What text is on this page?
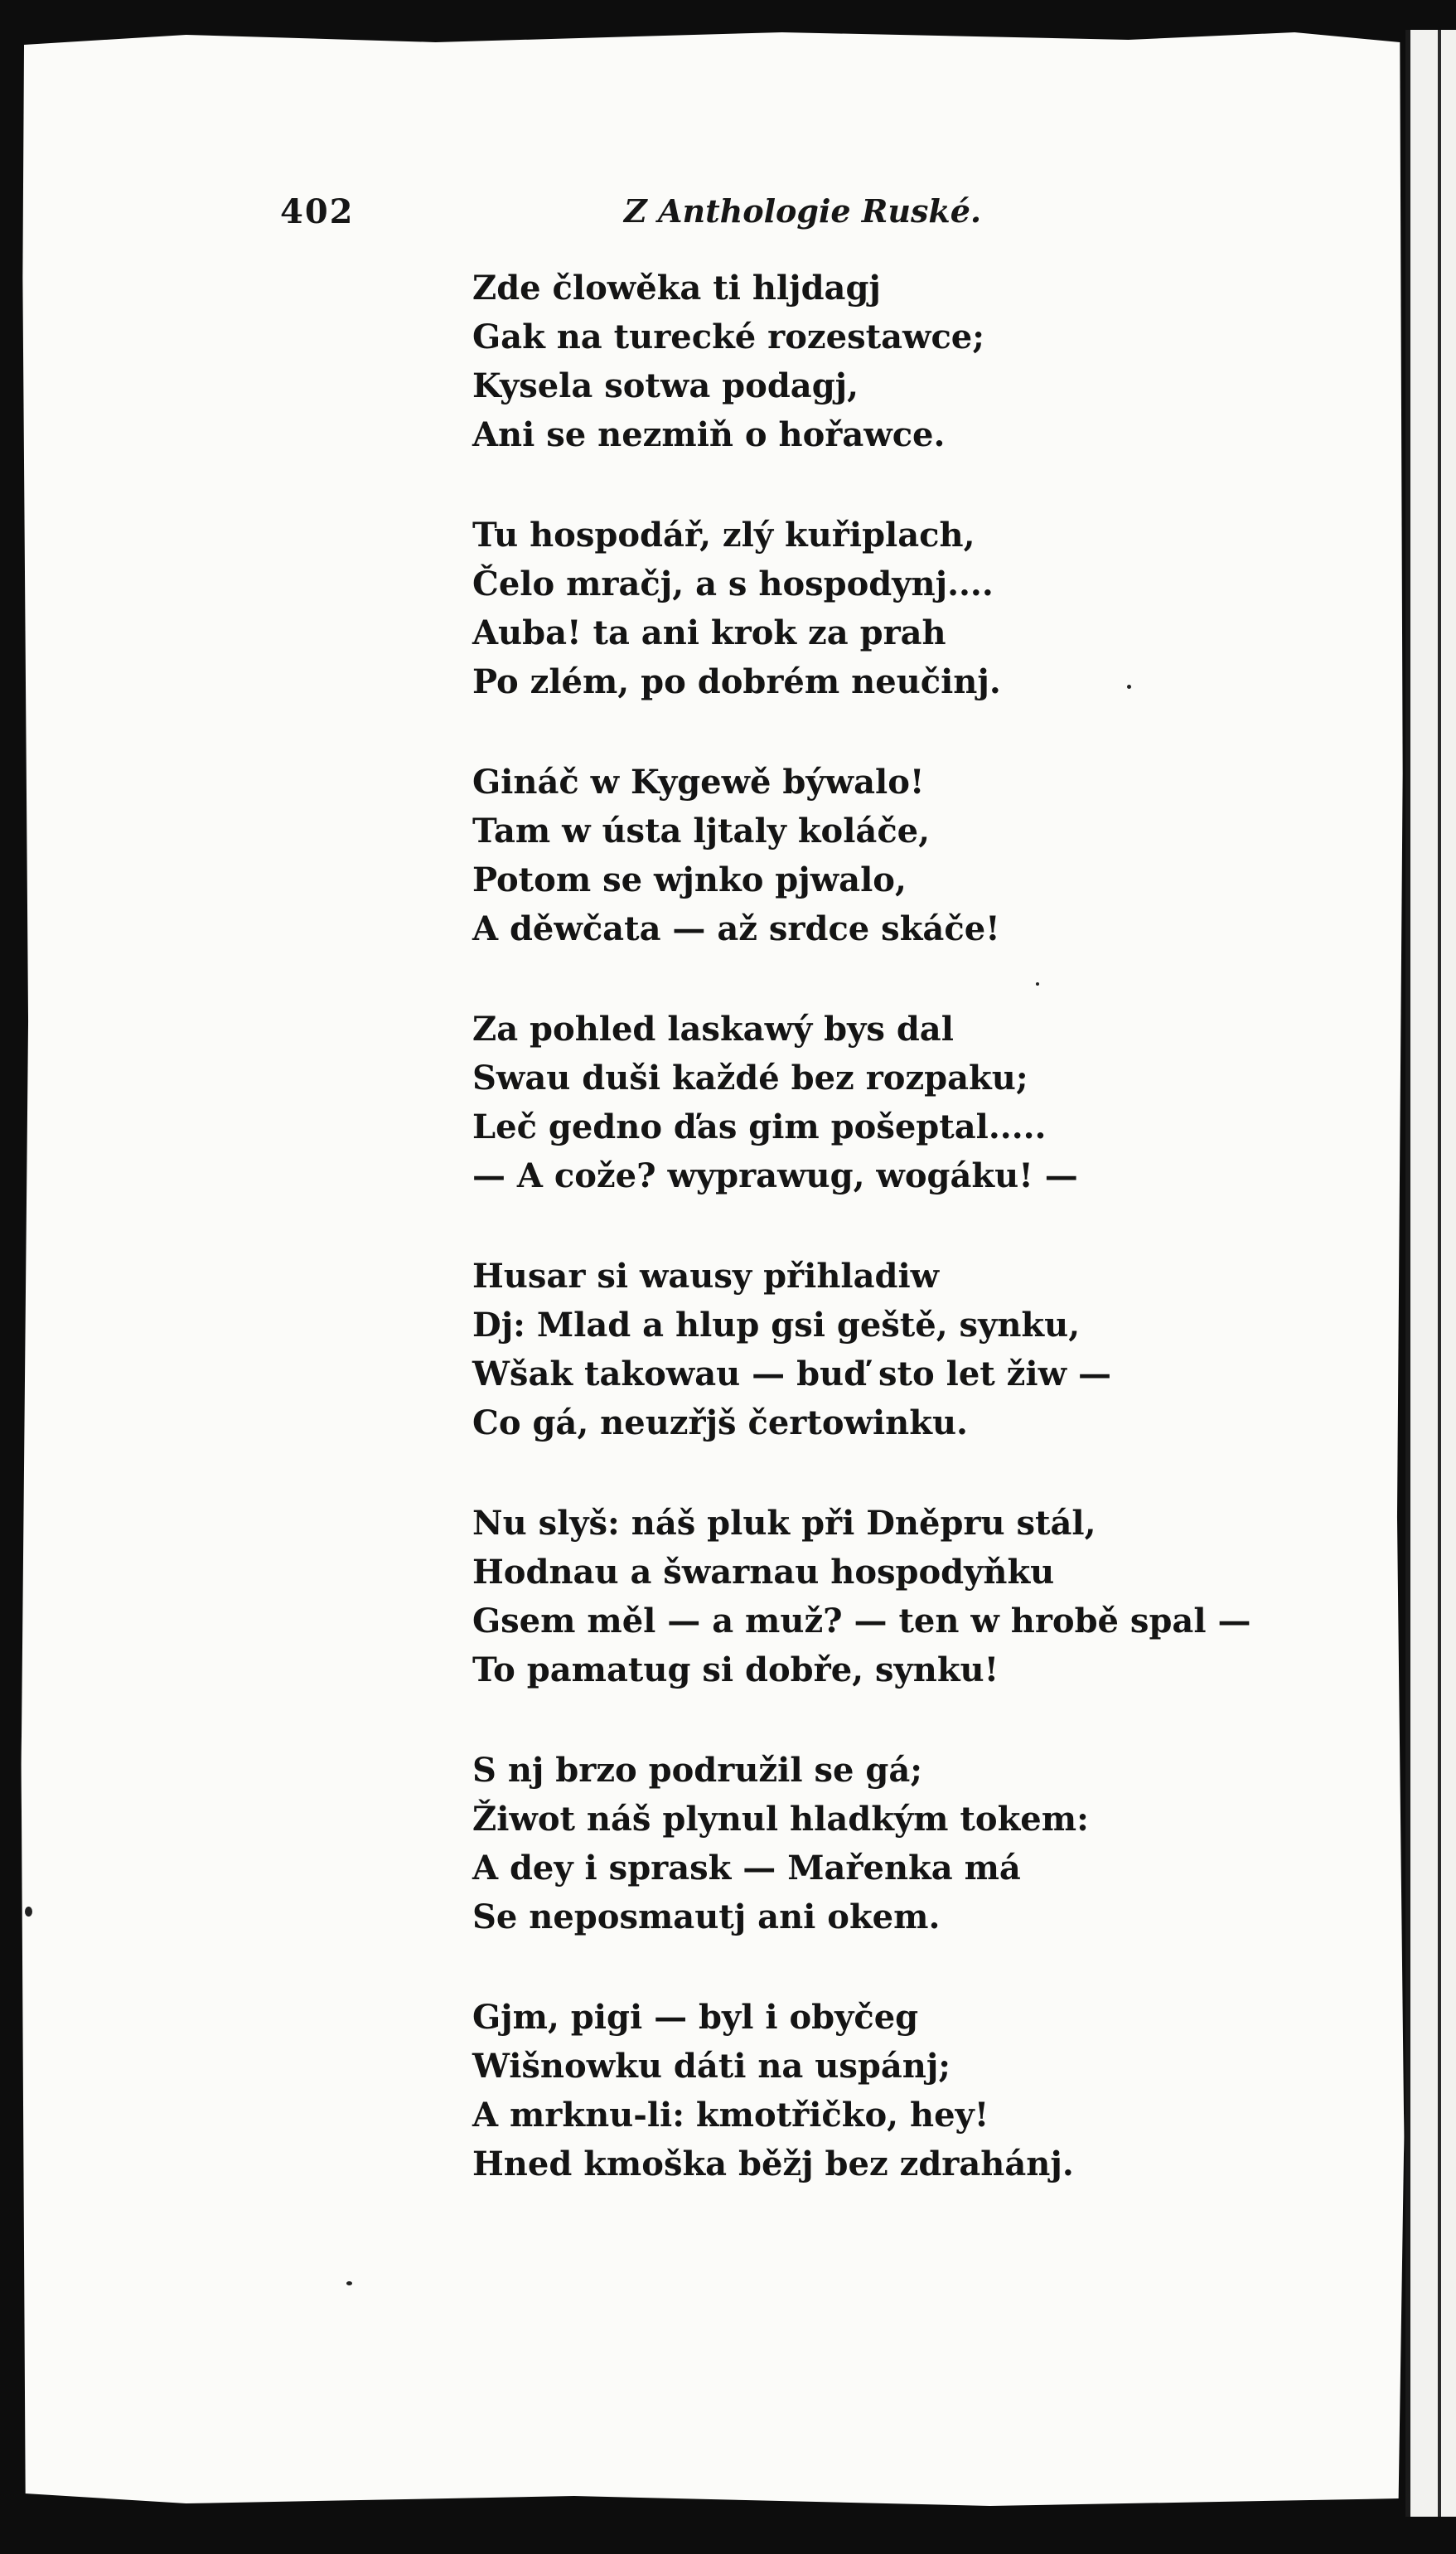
402	Z Anthologie Ruské.
Zde člowěka ti hljdagj
Gak na turecké rozestawce;
Kysela sotwa podagj,
Ani se nezmiň o hořawce.
Tu hospodář, zlý kuřiplach,
Čelo mračj, a s hospodynj....
Auba! ta ani krok za prah
Po zlém, po dobrém neučinj.
Gináč w Kygewě býwalo!
Tam w ústa ljtaly koláče,
Potom se wjnko pjwalo,
A děwčata — až srdce skáče!
Za pohled laskawý bys dal
Swau duši každé bez rozpaku;
Leč gedno ďas gim pošeptal.....
— A cože? wyprawug, wogáku! —
Husar si wausy přihladiw
Dj: Mlad a hlup gsi geště, synku,
Wšak takowau — buď sto let žiw —
Co gá, neuzřjš čertowinku.
Nu slyš: náš pluk při Dněpru stál,
Hodnau a šwarnau hospodyňku
Gsem měl — a muž? — ten w hrobě spal —
To pamatug si dobře, synku!
S nj brzo podružil se gá;
Žiwot náš plynul hladkým tokem:
A dey i sprask — Mařenka má
Se neposmautj ani okem.
Gjm, pigi — byl i obyčeg
Wišnowku dáti na uspánj;
A mrknu-li: kmotřičko, hey!
Hned kmoška běžj bez zdrahánj.
